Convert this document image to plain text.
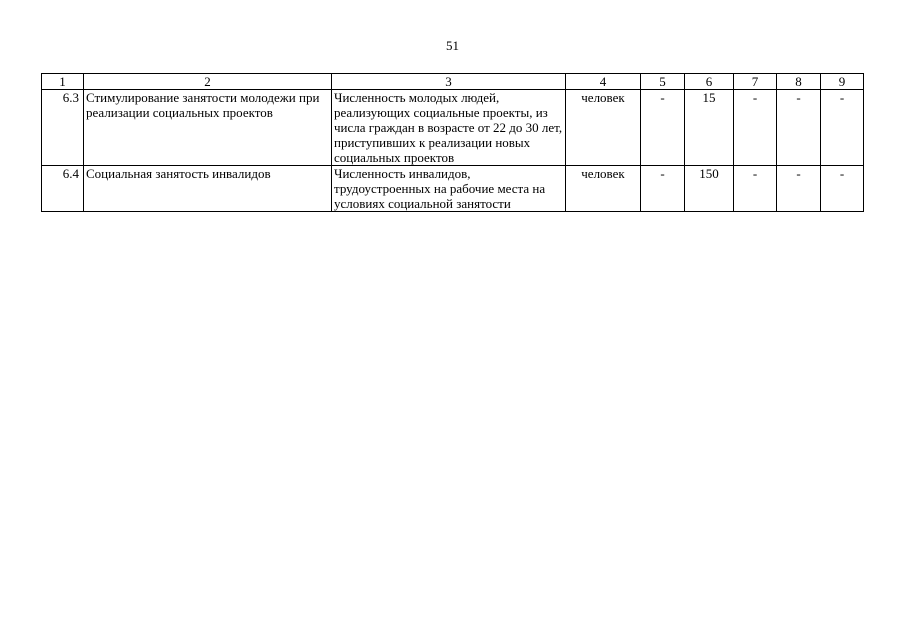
51
1	2	3	4	5	6	7	8	9
6.3	Стимулирование занятости молодежи при реализации социальных проектов	Численность молодых людей, реализующих социальные проекты, из числа граждан в возрасте от 22 до 30 лет, приступивших к реализации новых социальных проектов	человек	-	15	-	-	-
6.4	Социальная занятость инвалидов	Численность инвалидов, трудоустроенных на рабочие места на условиях социальной занятости	человек	-	150	-	-	-
